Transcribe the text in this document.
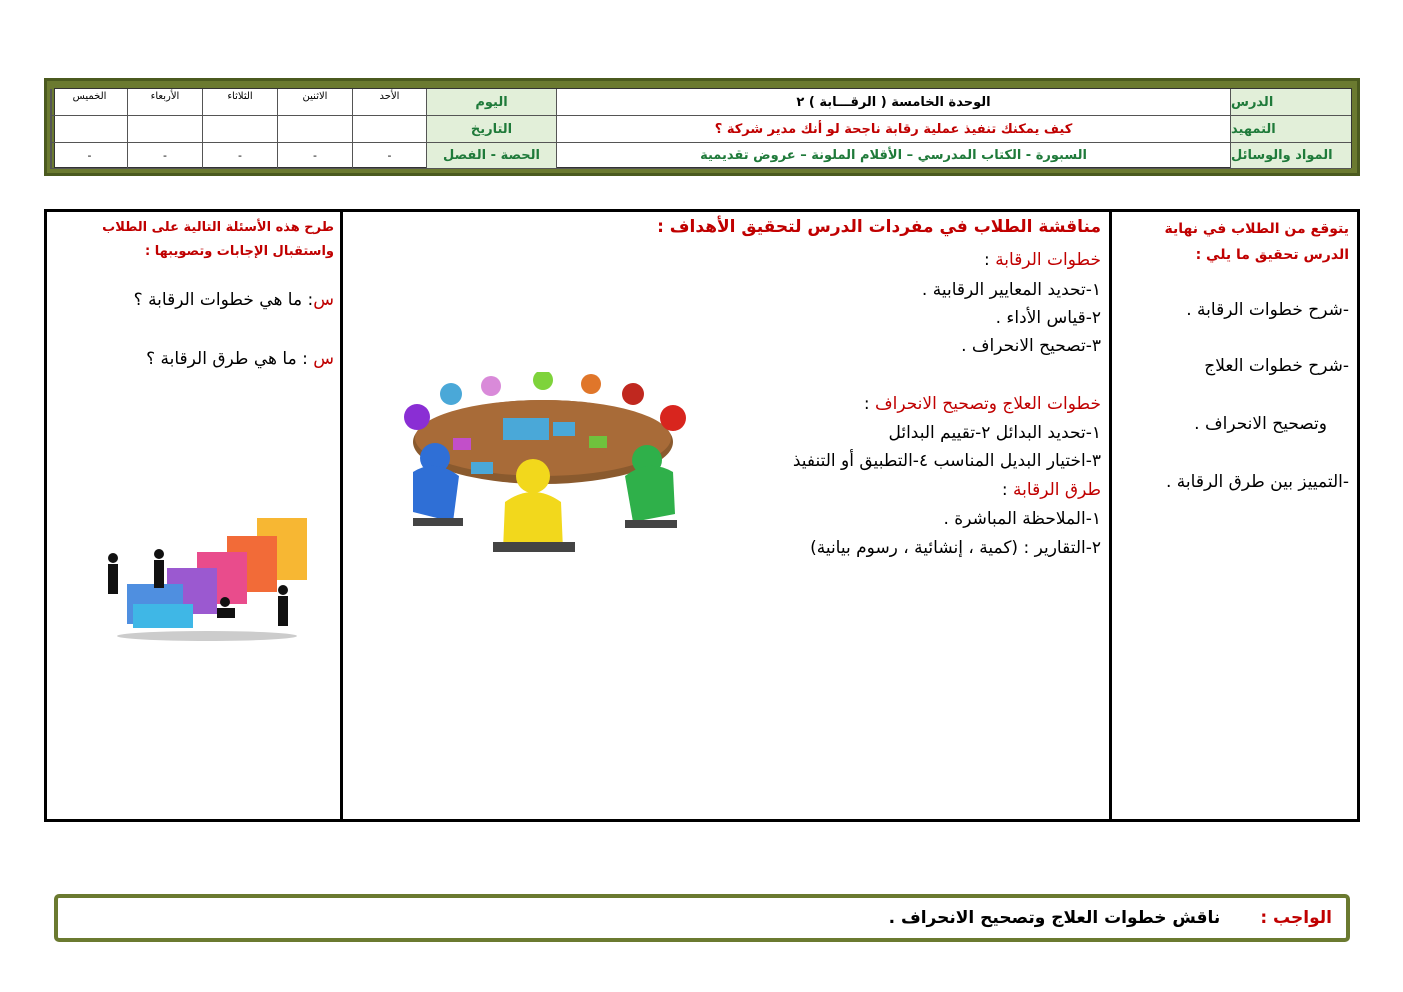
الدرس
الوحدة الخامسة ( الرقـــابة ) ٢
اليوم
الأحد
الاثنين
الثلاثاء
الأربعاء
الخميس
التمهيد
كيف يمكنك تنفيذ عملية رقابة ناجحة لو أنك مدير شركة ؟
التاريخ
المواد والوسائل
السبورة - الكتاب المدرسي – الأقلام الملونة – عروض تقديمية
الحصة - الفصل
-
-
-
-
-
يتوقع من الطلاب في نهاية
الدرس تحقيق ما يلي :
-شرح خطوات الرقابة .
-شرح خطوات العلاج
وتصحيح الانحراف .
-التمييز بين طرق الرقابة .
مناقشة الطلاب في مفردات الدرس لتحقيق الأهداف :
خطوات الرقابة :
١-تحديد المعايير الرقابية .
٢-قياس الأداء .
٣-تصحيح الانحراف .
خطوات العلاج وتصحيح الانحراف :
١-تحديد البدائل ٢-تقييم البدائل
٣-اختيار البديل المناسب ٤-التطبيق أو التنفيذ
طرق الرقابة :
١-الملاحظة المباشرة .
٢-التقارير : (كمية ، إنشائية ، رسوم بيانية)
طرح هذه الأسئلة التالية على الطلاب
واستقبال الإجابات وتصويبها :
س: ما هي خطوات الرقابة ؟
س : ما هي طرق الرقابة ؟
الواجب :
ناقش خطوات العلاج وتصحيح الانحراف .
